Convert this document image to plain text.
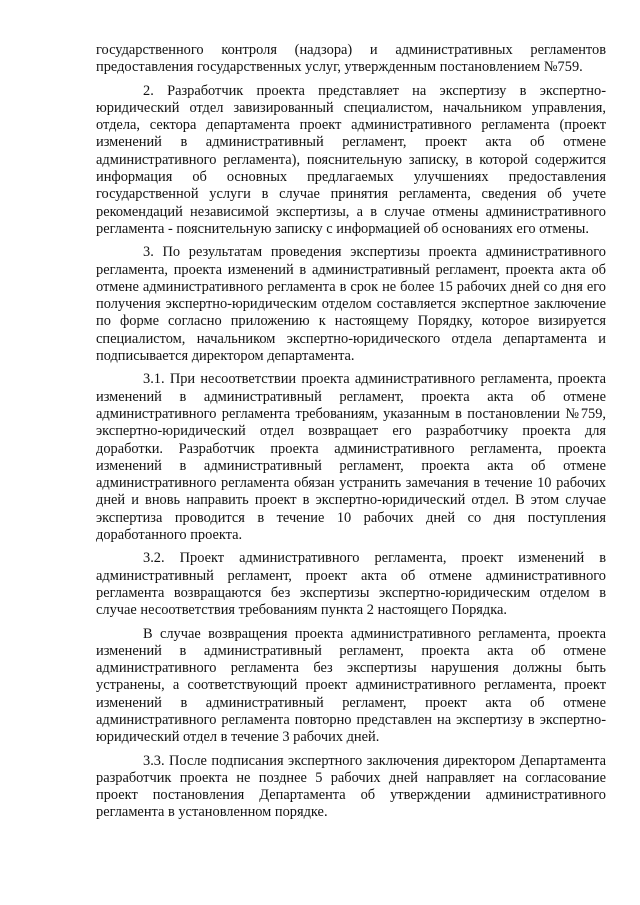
государственного контроля (надзора) и административных регламентов предоставления государственных услуг, утвержденным постановлением №759.

2. Разработчик проекта представляет на экспертизу в экспертно-юридический отдел завизированный специалистом, начальником управления, отдела, сектора департамента проект административного регламента (проект изменений в административный регламент, проект акта об отмене административного регламента), пояснительную записку, в которой содержится информация об основных предлагаемых улучшениях предоставления государственной услуги в случае принятия регламента, сведения об учете рекомендаций независимой экспертизы, а в случае отмены административного регламента - пояснительную записку с информацией об основаниях его отмены.

3. По результатам проведения экспертизы проекта административного регламента, проекта изменений в административный регламент, проекта акта об отмене административного регламента в срок не более 15 рабочих дней со дня его получения экспертно-юридическим отделом составляется экспертное заключение по форме согласно приложению к настоящему Порядку, которое визируется специалистом, начальником экспертно-юридического отдела департамента и подписывается директором департамента.

3.1. При несоответствии проекта административного регламента, проекта изменений в административный регламент, проекта акта об отмене административного регламента требованиям, указанным в постановлении №759, экспертно-юридический отдел возвращает его разработчику проекта для доработки. Разработчик проекта административного регламента, проекта изменений в административный регламент, проекта акта об отмене административного регламента обязан устранить замечания в течение 10 рабочих дней и вновь направить проект в экспертно-юридический отдел. В этом случае экспертиза проводится в течение 10 рабочих дней со дня поступления доработанного проекта.

3.2. Проект административного регламента, проект изменений в административный регламент, проект акта об отмене административного регламента возвращаются без экспертизы экспертно-юридическим отделом в случае несоответствия требованиям пункта 2 настоящего Порядка.

В случае возвращения проекта административного регламента, проекта изменений в административный регламент, проекта акта об отмене административного регламента без экспертизы нарушения должны быть устранены, а соответствующий проект административного регламента, проект изменений в административный регламент, проект акта об отмене административного регламента повторно представлен на экспертизу в экспертно-юридический отдел в течение 3 рабочих дней.

3.3. После подписания экспертного заключения директором Департамента разработчик проекта не позднее 5 рабочих дней направляет на согласование проект постановления Департамента об утверждении административного регламента в установленном порядке.
